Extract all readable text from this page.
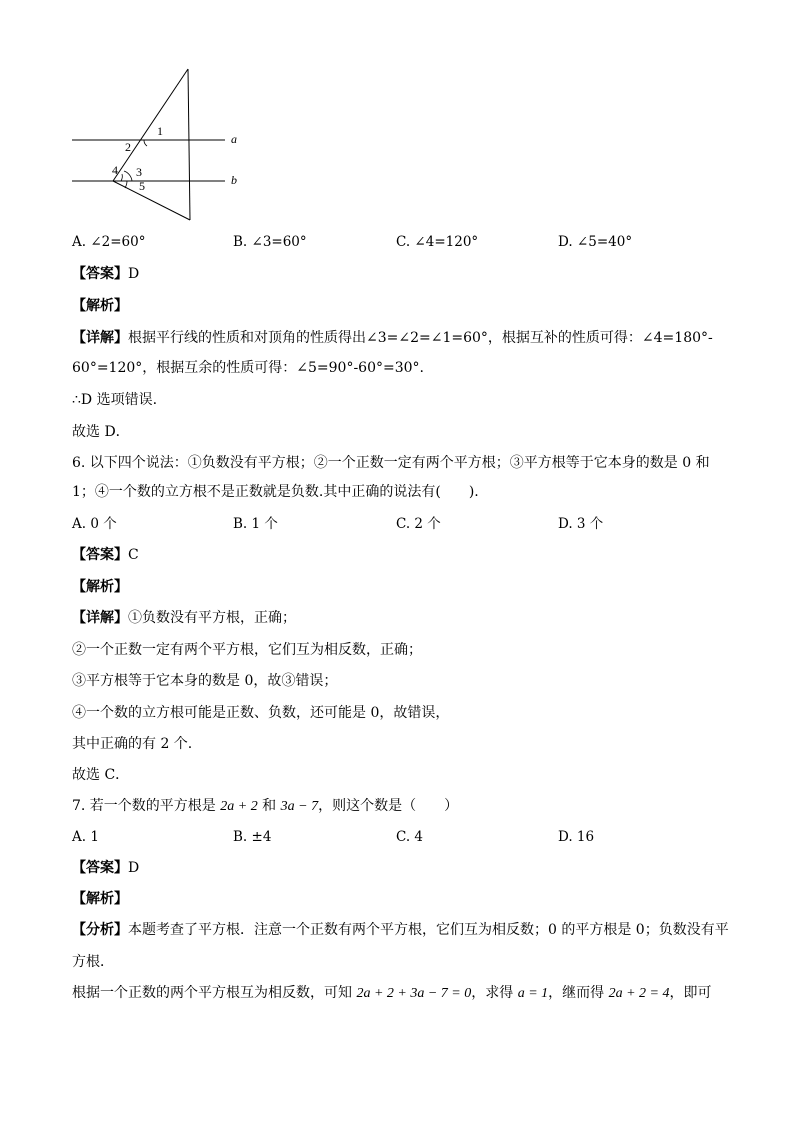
1
2
3
4
5
a
b
A. ∠2=60°	B. ∠3=60°	C. ∠4=120°	D. ∠5=40°
【答案】D
【解析】
【详解】根据平行线的性质和对顶角的性质得出∠3=∠2=∠1=60°，根据互补的性质可得：∠4=180°-
60°=120°，根据互余的性质可得：∠5=90°-60°=30°.
∴D 选项错误.
故选 D．
6. 以下四个说法：①负数没有平方根；②一个正数一定有两个平方根；③平方根等于它本身的数是 0 和
1；④一个数的立方根不是正数就是负数.其中正确的说法有(　　).
A. 0 个	B. 1 个	C. 2 个	D. 3 个
【答案】C
【解析】
【详解】①负数没有平方根，正确；
②一个正数一定有两个平方根，它们互为相反数，正确；
③平方根等于它本身的数是 0，故③错误；
④一个数的立方根可能是正数、负数，还可能是 0，故错误，
其中正确的有 2 个.
故选 C．
7. 若一个数的平方根是 2a + 2 和 3a − 7，则这个数是（　　）
A. 1	B. ±4	C. 4	D. 16
【答案】D
【解析】
【分析】本题考查了平方根．注意一个正数有两个平方根，它们互为相反数；0 的平方根是 0；负数没有平
方根．
根据一个正数的两个平方根互为相反数，可知 2a + 2 + 3a − 7 = 0，求得 a = 1，继而得 2a + 2 = 4，即可
